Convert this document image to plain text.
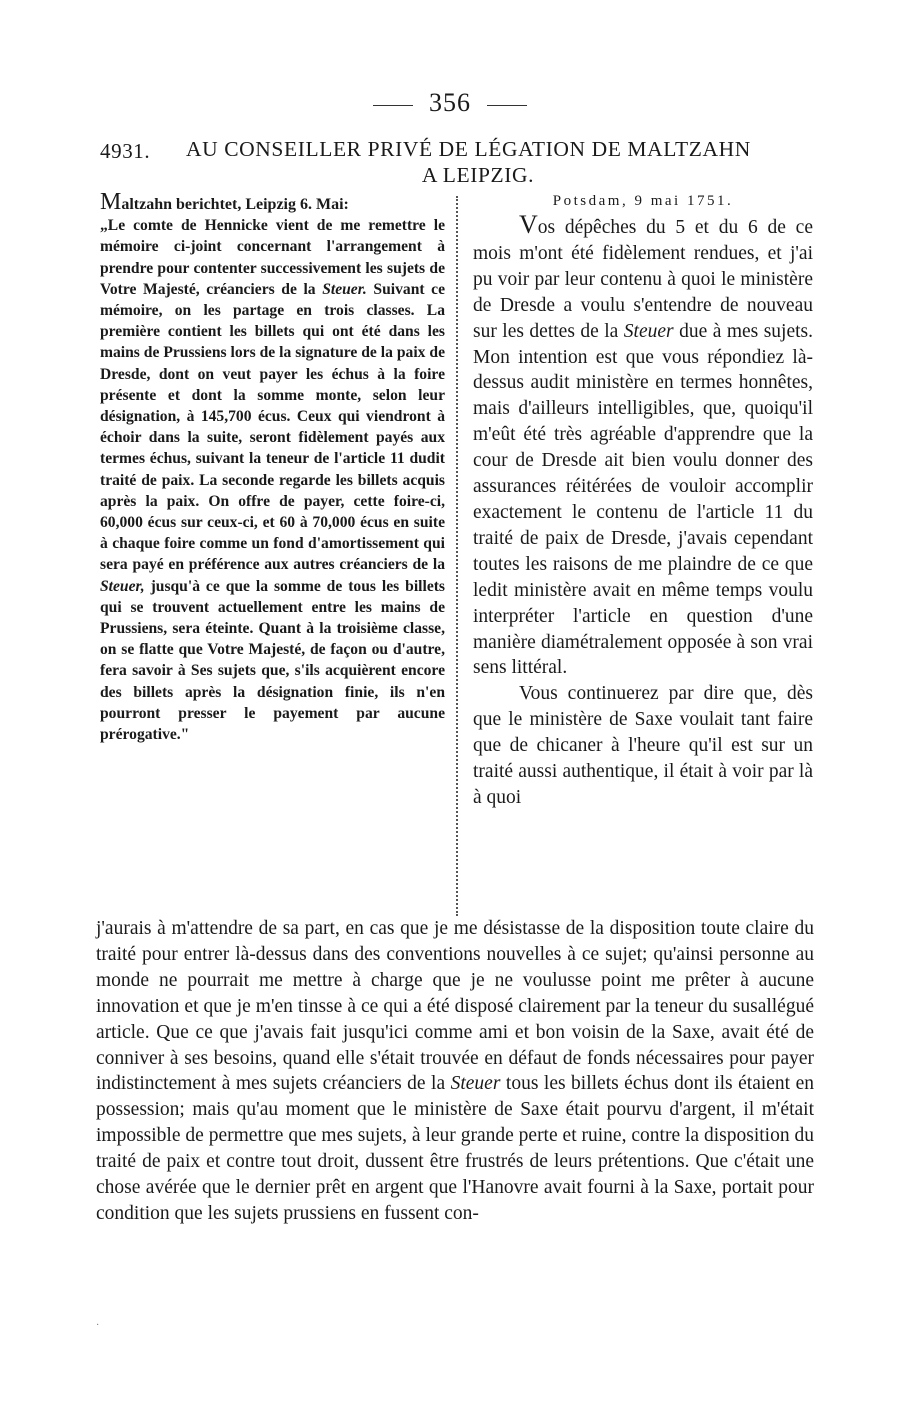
356
4931.	AU CONSEILLER PRIVÉ DE LÉGATION DE MALTZAHN
A LEIPZIG.

Maltzahn berichtet, Leipzig 6. Mai:

„Le comte de Hennicke vient de me remettre le mémoire ci-joint concernant l'arrangement à prendre pour contenter successivement les sujets de Votre Majesté, créanciers de la Steuer. Suivant ce mémoire, on les partage en trois classes. La première contient les billets qui ont été dans les mains de Prussiens lors de la signature de la paix de Dresde, dont on veut payer les échus à la foire présente et dont la somme monte, selon leur désignation, à 145,700 écus. Ceux qui viendront à échoir dans la suite, seront fidèlement payés aux termes échus, suivant la teneur de l'article 11 dudit traité de paix. La seconde regarde les billets acquis après la paix. On offre de payer, cette foire-ci, 60,000 écus sur ceux-ci, et 60 à 70,000 écus en suite à chaque foire comme un fond d'amortissement qui sera payé en préférence aux autres créanciers de la Steuer, jusqu'à ce que la somme de tous les billets qui se trouvent actuellement entre les mains de Prussiens, sera éteinte. Quant à la troisième classe, on se flatte que Votre Majesté, de façon ou d'autre, fera savoir à Ses sujets que, s'ils acquièrent encore des billets après la désignation finie, ils n'en pourront presser le payement par aucune prérogative."

Potsdam, 9 mai 1751.

Vos dépêches du 5 et du 6 de ce mois m'ont été fidèlement rendues, et j'ai pu voir par leur contenu à quoi le ministère de Dresde a voulu s'entendre de nouveau sur les dettes de la Steuer due à mes sujets. Mon intention est que vous répondiez là-dessus audit ministère en termes honnêtes, mais d'ailleurs intelligibles, que, quoiqu'il m'eût été très agréable d'apprendre que la cour de Dresde ait bien voulu donner des assurances réitérées de vouloir accomplir exactement le contenu de l'article 11 du traité de paix de Dresde, j'avais cependant toutes les raisons de me plaindre de ce que ledit ministère avait en même temps voulu interpréter l'article en question d'une manière diamétralement opposée à son vrai sens littéral.

Vous continuerez par dire que, dès que le ministère de Saxe voulait tant faire que de chicaner à l'heure qu'il est sur un traité aussi authentique, il était à voir par là à quoi

j'aurais à m'attendre de sa part, en cas que je me désistasse de la disposition toute claire du traité pour entrer là-dessus dans des conventions nouvelles à ce sujet; qu'ainsi personne au monde ne pourrait me mettre à charge que je ne voulusse point me prêter à aucune innovation et que je m'en tinsse à ce qui a été disposé clairement par la teneur du susallégué article. Que ce que j'avais fait jusqu'ici comme ami et bon voisin de la Saxe, avait été de conniver à ses besoins, quand elle s'était trouvée en défaut de fonds nécessaires pour payer indistinctement à mes sujets créanciers de la Steuer tous les billets échus dont ils étaient en possession; mais qu'au moment que le ministère de Saxe était pourvu d'argent, il m'était impossible de permettre que mes sujets, à leur grande perte et ruine, contre la disposition du traité de paix et contre tout droit, dussent être frustrés de leurs prétentions. Que c'était une chose avérée que le dernier prêt en argent que l'Hanovre avait fourni à la Saxe, portait pour condition que les sujets prussiens en fussent con-

·
